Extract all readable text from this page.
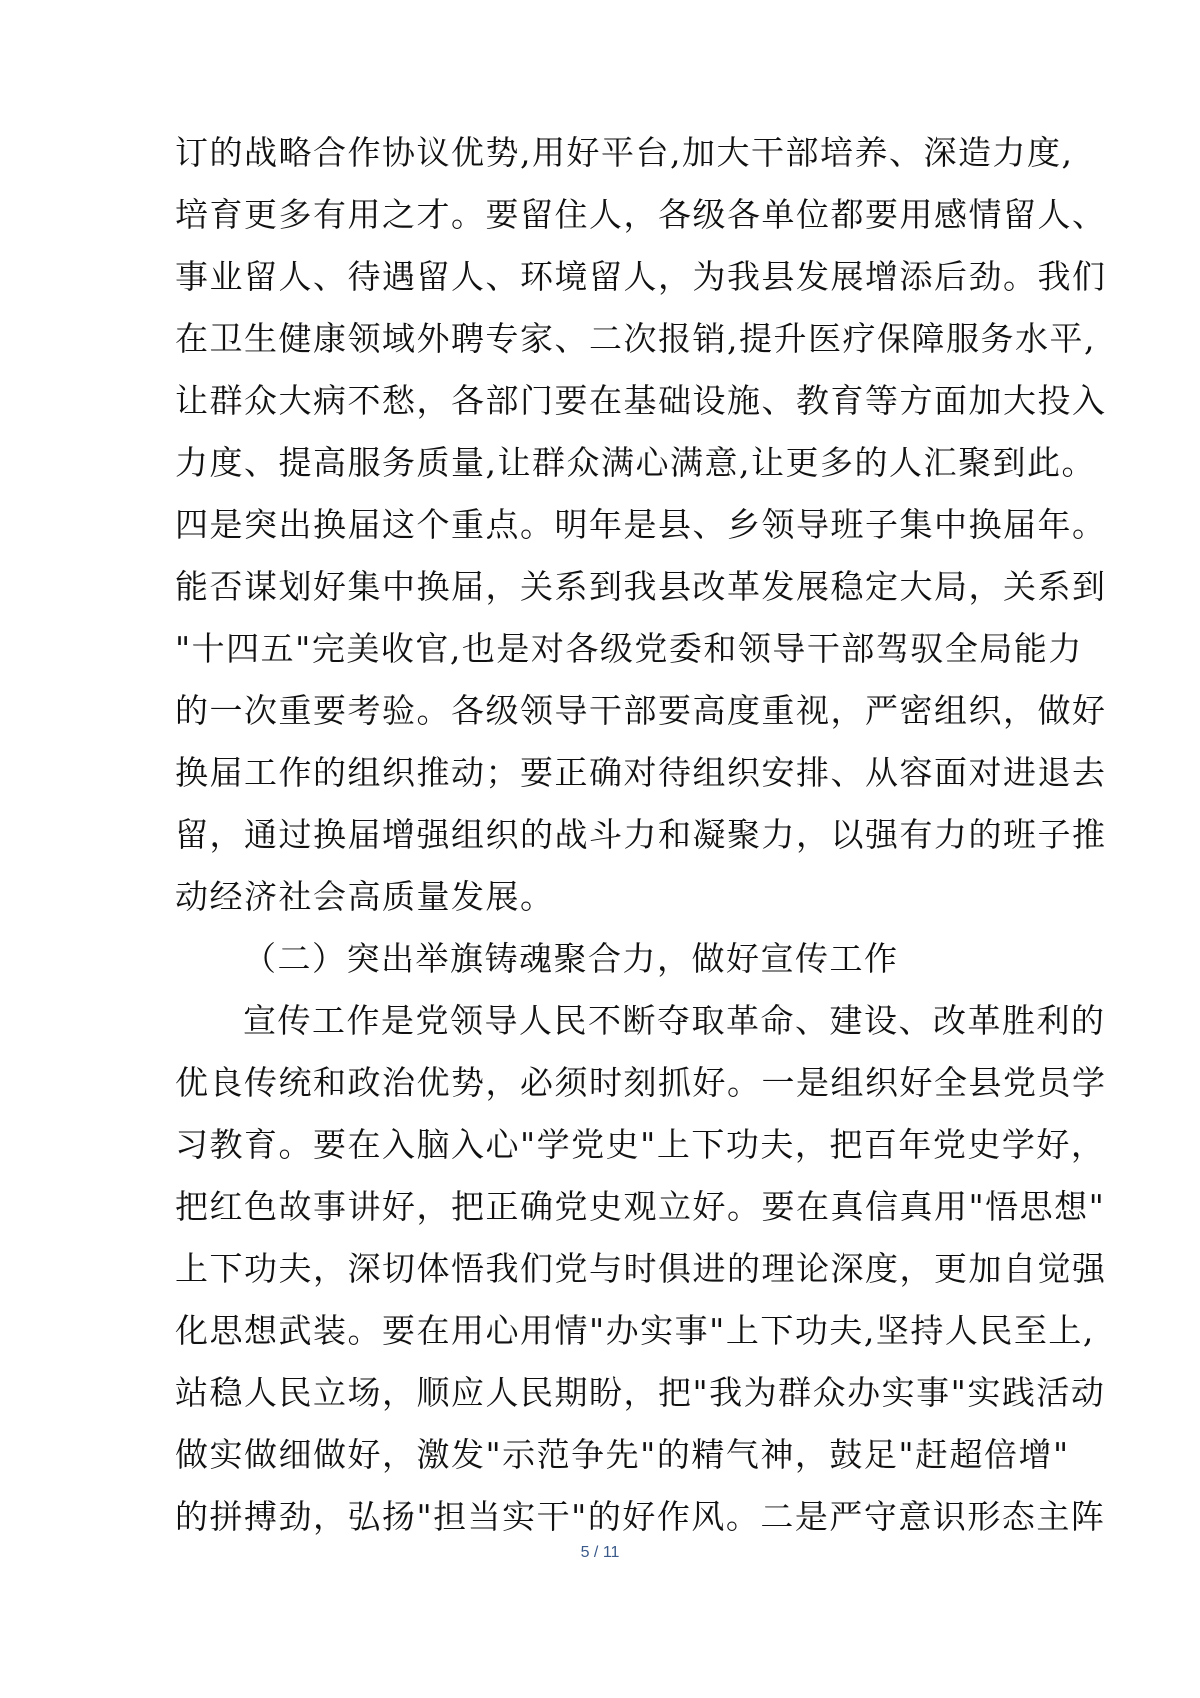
订的战略合作协议优势,用好平台,加大干部培养、深造力度,
培育更多有用之才。要留住人，各级各单位都要用感情留人、
事业留人、待遇留人、环境留人，为我县发展增添后劲。我们
在卫生健康领域外聘专家、二次报销,提升医疗保障服务水平,
让群众大病不愁，各部门要在基础设施、教育等方面加大投入
力度、提高服务质量,让群众满心满意,让更多的人汇聚到此。
四是突出换届这个重点。明年是县、乡领导班子集中换届年。
能否谋划好集中换届，关系到我县改革发展稳定大局，关系到
"十四五"完美收官,也是对各级党委和领导干部驾驭全局能力
的一次重要考验。各级领导干部要高度重视，严密组织，做好
换届工作的组织推动；要正确对待组织安排、从容面对进退去
留，通过换届增强组织的战斗力和凝聚力，以强有力的班子推
动经济社会高质量发展。
（二）突出举旗铸魂聚合力，做好宣传工作
宣传工作是党领导人民不断夺取革命、建设、改革胜利的
优良传统和政治优势，必须时刻抓好。一是组织好全县党员学
习教育。要在入脑入心"学党史"上下功夫，把百年党史学好，
把红色故事讲好，把正确党史观立好。要在真信真用"悟思想"
上下功夫，深切体悟我们党与时俱进的理论深度，更加自觉强
化思想武装。要在用心用情"办实事"上下功夫,坚持人民至上,
站稳人民立场，顺应人民期盼，把"我为群众办实事"实践活动
做实做细做好，激发"示范争先"的精气神，鼓足"赶超倍增"
的拼搏劲，弘扬"担当实干"的好作风。二是严守意识形态主阵
5 / 11
